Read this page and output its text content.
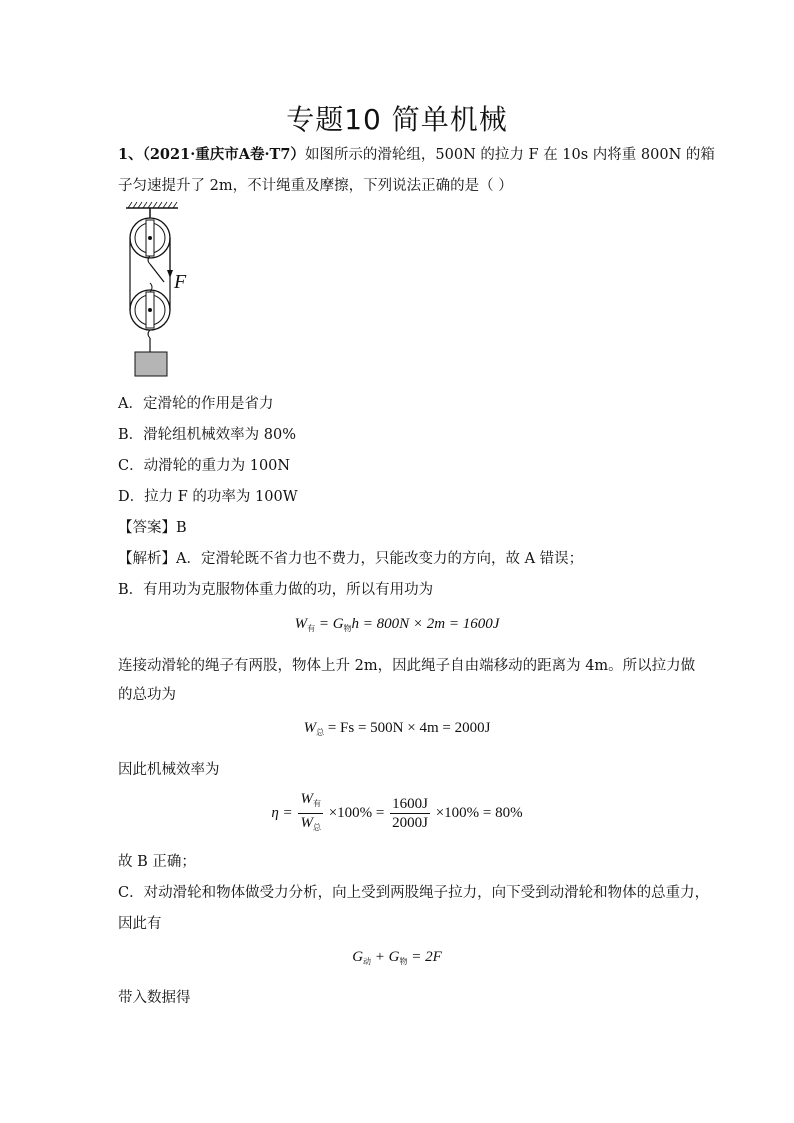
专题10 简单机械
1、（2021·重庆市A卷·T7）如图所示的滑轮组，500N 的拉力 F 在 10s 内将重 800N 的箱
子匀速提升了 2m，不计绳重及摩擦，下列说法正确的是（ ）
F
A．定滑轮的作用是省力
B．滑轮组机械效率为 80%
C．动滑轮的重力为 100N
D．拉力 F 的功率为 100W
【答案】B
【解析】A．定滑轮既不省力也不费力，只能改变力的方向，故 A 错误；
B．有用功为克服物体重力做的功，所以有用功为
$W_有 = G_物h = 800N \times 2m = 1600J$
连接动滑轮的绳子有两股，物体上升 2m，因此绳子自由端移动的距离为 4m。所以拉力做
的总功为
$W_总 = Fs = 500N \times 4m = 2000J$
因此机械效率为
$\eta = \frac{W_有}{W_总} \times 100\% = \frac{1600J}{2000J} \times 100\% = 80\%$
故 B 正确；
C．对动滑轮和物体做受力分析，向上受到两股绳子拉力，向下受到动滑轮和物体的总重力，
因此有
$G_动 + G_物 = 2F$
带入数据得
